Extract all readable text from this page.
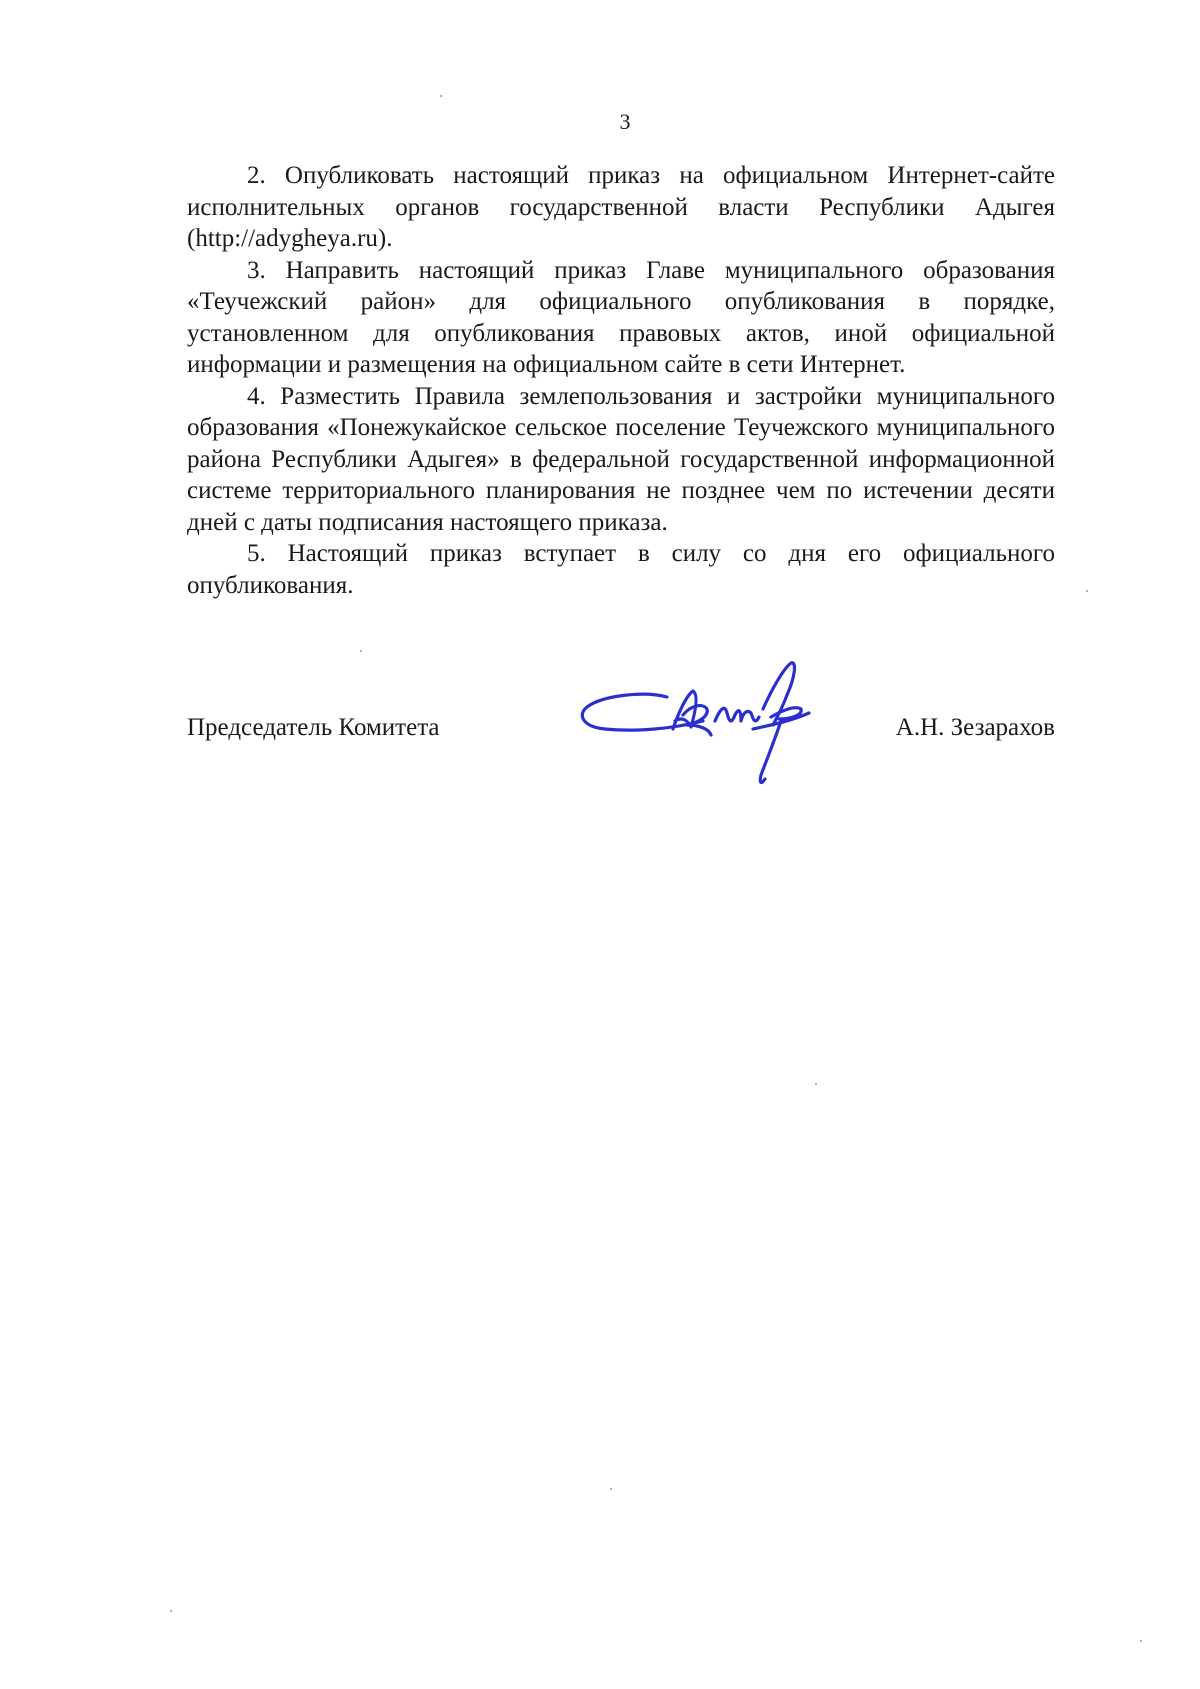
3

2. Опубликовать настоящий приказ на официальном Интернет-сайте исполнительных органов государственной власти Республики Адыгея (http://adygheya.ru).

3. Направить настоящий приказ Главе муниципального образования «Теучежский район» для официального опубликования в порядке, установленном для опубликования правовых актов, иной официальной информации и размещения на официальном сайте в сети Интернет.

4. Разместить Правила землепользования и застройки муниципального образования «Понежукайское сельское поселение Теучежского муниципального района Республики Адыгея» в федеральной государственной информационной системе территориального планирования не позднее чем по истечении десяти дней с даты подписания настоящего приказа.

5. Настоящий приказ вступает в силу со дня его официального опубликования.

Председатель Комитета	А.Н. Зезарахов
